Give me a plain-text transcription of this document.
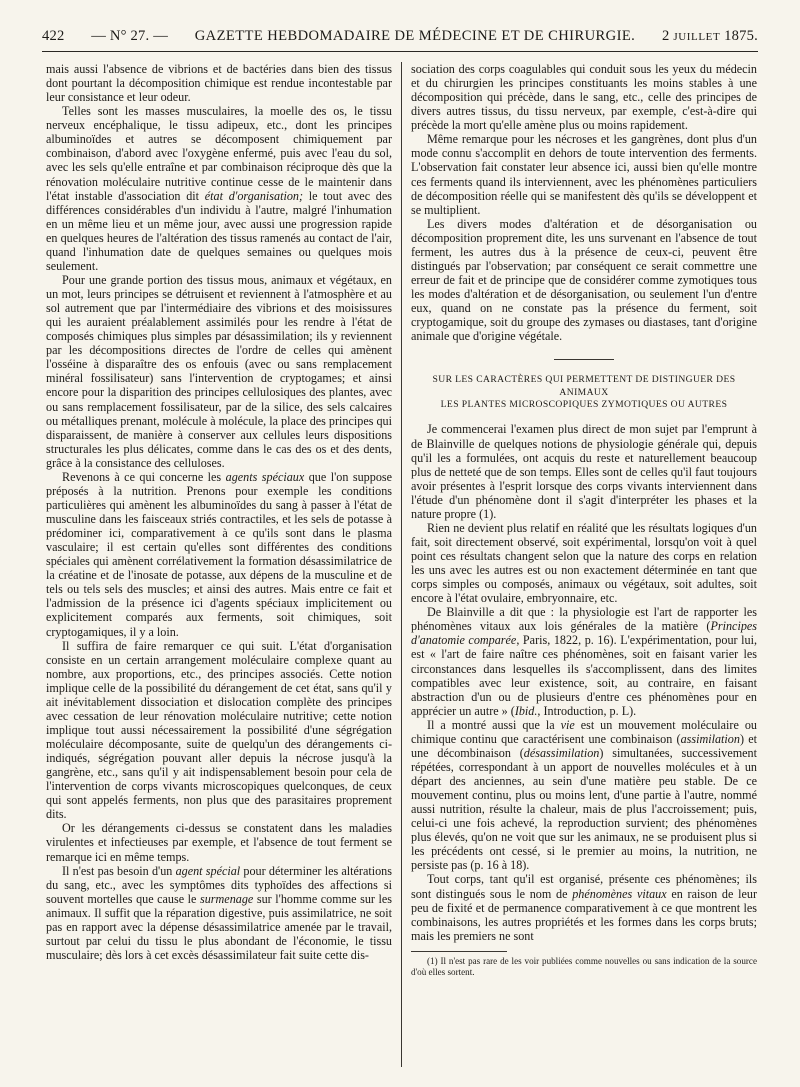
422 — N° 27. — GAZETTE HEBDOMADAIRE DE MÉDECINE ET DE CHIRURGIE. 2 JUILLET 1875.

mais aussi l'absence de vibrions et de bactéries dans bien des tissus dont pourtant la décomposition chimique est rendue incontestable par leur consistance et leur odeur.

Telles sont les masses musculaires, la moelle des os, le tissu nerveux encéphalique, le tissu adipeux, etc., dont les principes albuminoïdes et autres se décomposent chimiquement par combinaison, d'abord avec l'oxygène enfermé, puis avec l'eau du sol, avec les sels qu'elle entraîne et par combinaison réciproque dès que la rénovation moléculaire nutritive continue cesse de le maintenir dans l'état instable d'association dit état d'organisation; le tout avec des différences considérables d'un individu à l'autre, malgré l'inhumation en un même lieu et un même jour, avec aussi une progression rapide en quelques heures de l'altération des tissus ramenés au contact de l'air, quand l'inhumation date de quelques semaines ou quelques mois seulement.

Pour une grande portion des tissus mous, animaux et végétaux, en un mot, leurs principes se détruisent et reviennent à l'atmosphère et au sol autrement que par l'intermédiaire des vibrions et des moisissures qui les auraient préalablement assimilés pour les rendre à l'état de composés chimiques plus simples par désassimilation; ils y reviennent par les décompositions directes de l'ordre de celles qui amènent l'osséine à disparaître des os enfouis (avec ou sans remplacement minéral fossilisateur) sans l'intervention de cryptogames; et ainsi encore pour la disparition des principes cellulosiques des plantes, avec ou sans remplacement fossilisateur, par de la silice, des sels calcaires ou métalliques prenant, molécule à molécule, la place des principes qui disparaissent, de manière à conserver aux cellules leurs dispositions structurales les plus délicates, comme dans le cas des os et des dents, grâce à la consistance des celluloses.

Revenons à ce qui concerne les agents spéciaux que l'on suppose préposés à la nutrition. Prenons pour exemple les conditions particulières qui amènent les albuminoïdes du sang à passer à l'état de musculine dans les faisceaux striés contractiles, et les sels de potasse à prédominer ici, comparativement à ce qu'ils sont dans le plasma vasculaire; il est certain qu'elles sont différentes des conditions spéciales qui amènent corrélativement la formation désassimilatrice de la créatine et de l'inosate de potasse, aux dépens de la musculine et de tels ou tels sels des muscles; et ainsi des autres. Mais entre ce fait et l'admission de la présence ici d'agents spéciaux implicitement ou explicitement comparés aux ferments, soit chimiques, soit cryptogamiques, il y a loin.

Il suffira de faire remarquer ce qui suit. L'état d'organisation consiste en un certain arrangement moléculaire complexe quant au nombre, aux proportions, etc., des principes associés. Cette notion implique celle de la possibilité du dérangement de cet état, sans qu'il y ait inévitablement dissociation et dislocation complète des principes avec cessation de leur rénovation moléculaire nutritive; cette notion implique tout aussi nécessairement la possibilité d'une ségrégation moléculaire décomposante, suite de quelqu'un des dérangements ci-indiqués, ségrégation pouvant aller depuis la nécrose jusqu'à la gangrène, etc., sans qu'il y ait indispensablement besoin pour cela de l'intervention de corps vivants microscopiques quelconques, de ceux qui sont appelés ferments, non plus que des parasitaires proprement dits.

Or les dérangements ci-dessus se constatent dans les maladies virulentes et infectieuses par exemple, et l'absence de tout ferment se remarque ici en même temps.

Il n'est pas besoin d'un agent spécial pour déterminer les altérations du sang, etc., avec les symptômes dits typhoïdes des affections si souvent mortelles que cause le surmenage sur l'homme comme sur les animaux. Il suffit que la réparation digestive, puis assimilatrice, ne soit pas en rapport avec la dépense désassimilatrice amenée par le travail, surtout par celui du tissu le plus abondant de l'économie, le tissu musculaire; dès lors à cet excès désassimilateur fait suite cette dis-

sociation des corps coagulables qui conduit sous les yeux du médecin et du chirurgien les principes constituants les moins stables à une décomposition qui précède, dans le sang, etc., celle des principes de divers autres tissus, du tissu nerveux, par exemple, c'est-à-dire qui précède la mort qu'elle amène plus ou moins rapidement.

Même remarque pour les nécroses et les gangrènes, dont plus d'un mode connu s'accomplit en dehors de toute intervention des ferments. L'observation fait constater leur absence ici, aussi bien qu'elle montre ces ferments quand ils interviennent, avec les phénomènes particuliers de décomposition réelle qui se manifestent dès qu'ils se développent et se multiplient.

Les divers modes d'altération et de désorganisation ou décomposition proprement dite, les uns survenant en l'absence de tout ferment, les autres dus à la présence de ceux-ci, peuvent être distingués par l'observation; par conséquent ce serait commettre une erreur de fait et de principe que de considérer comme zymotiques tous les modes d'altération et de désorganisation, ou seulement l'un d'entre eux, quand on ne constate pas la présence du ferment, soit cryptogamique, soit du groupe des zymases ou diastases, tant d'origine animale que d'origine végétale.

SUR LES CARACTÈRES QUI PERMETTENT DE DISTINGUER DES ANIMAUX
LES PLANTES MICROSCOPIQUES ZYMOTIQUES OU AUTRES

Je commencerai l'examen plus direct de mon sujet par l'emprunt à de Blainville de quelques notions de physiologie générale qui, depuis qu'il les a formulées, ont acquis du reste et naturellement beaucoup plus de netteté que de son temps. Elles sont de celles qu'il faut toujours avoir présentes à l'esprit lorsque des corps vivants interviennent dans l'étude d'un phénomène dont il s'agit d'interpréter les phases et la nature propre (1).

Rien ne devient plus relatif en réalité que les résultats logiques d'un fait, soit directement observé, soit expérimental, lorsqu'on voit à quel point ces résultats changent selon que la nature des corps en relation les uns avec les autres est ou non exactement déterminée en tant que corps simples ou composés, animaux ou végétaux, soit adultes, soit encore à l'état ovulaire, embryonnaire, etc.

De Blainville a dit que : la physiologie est l'art de rapporter les phénomènes vitaux aux lois générales de la matière (Principes d'anatomie comparée, Paris, 1822, p. 16). L'expérimentation, pour lui, est « l'art de faire naître ces phénomènes, soit en faisant varier les circonstances dans lesquelles ils s'accomplissent, dans des limites compatibles avec leur existence, soit, au contraire, en faisant abstraction d'un ou de plusieurs d'entre ces phénomènes pour en apprécier un autre » (Ibid., Introduction, p. L).

Il a montré aussi que la vie est un mouvement moléculaire ou chimique continu que caractérisent une combinaison (assimilation) et une décombinaison (désassimilation) simultanées, successivement répétées, correspondant à un apport de nouvelles molécules et à un départ des anciennes, au sein d'une matière peu stable. De ce mouvement continu, plus ou moins lent, d'une partie à l'autre, nommé aussi nutrition, résulte la chaleur, mais de plus l'accroissement; puis, celui-ci une fois achevé, la reproduction survient; des phénomènes plus élevés, qu'on ne voit que sur les animaux, ne se produisent plus si les précédents ont cessé, si le premier au moins, la nutrition, ne persiste pas (p. 16 à 18).

Tout corps, tant qu'il est organisé, présente ces phénomènes; ils sont distingués sous le nom de phénomènes vitaux en raison de leur peu de fixité et de permanence comparativement à ce que montrent les combinaisons, les autres propriétés et les formes dans les corps bruts; mais les premiers ne sont

(1) Il n'est pas rare de les voir publiées comme nouvelles ou sans indication de la source d'où elles sortent.
